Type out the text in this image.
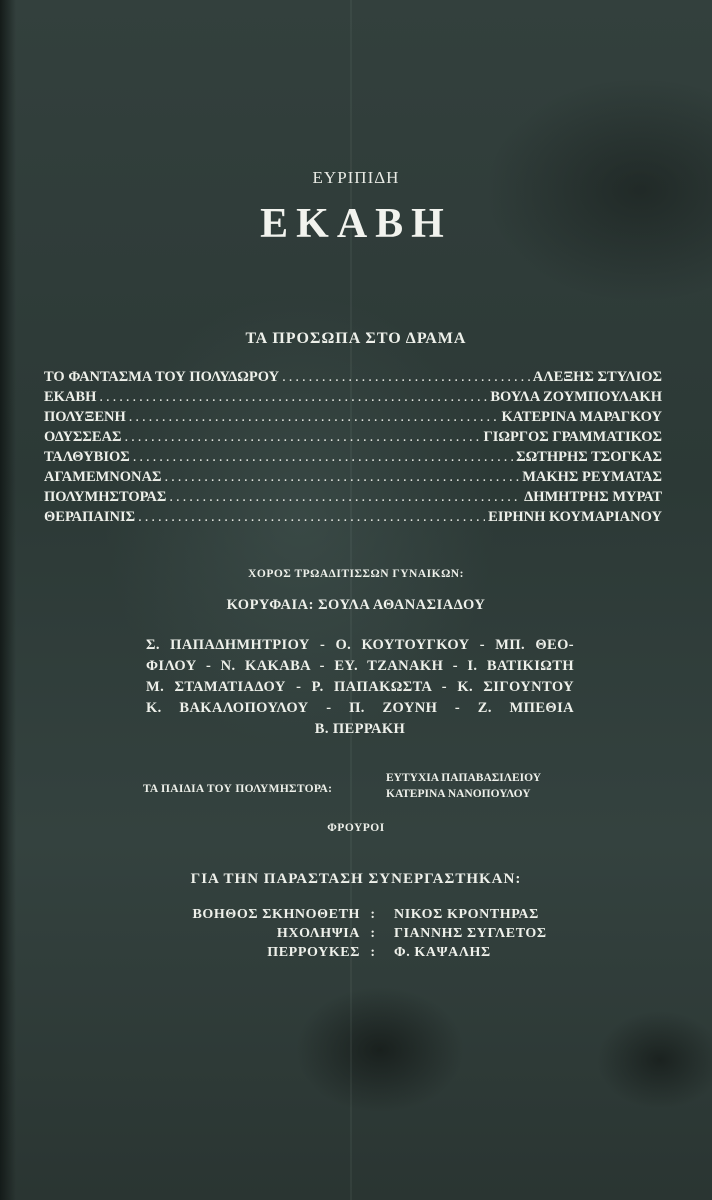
ΕΥΡΙΠΙΔΗ
ΕΚΑΒΗ
ΤΑ ΠΡΟΣΩΠΑ ΣΤΟ ΔΡΑΜΑ
ΤΟ ΦΑΝΤΑΣΜΑ ΤΟΥ ΠΟΛΥΔΩΡΟΥ .....	ΑΛΕΞΗΣ ΣΤΥΛΙΟΣ
ΕΚΑΒΗ .....	ΒΟΥΛΑ ΖΟΥΜΠΟΥΛΑΚΗ
ΠΟΛΥΞΕΝΗ .....	ΚΑΤΕΡΙΝΑ ΜΑΡΑΓΚΟΥ
ΟΔΥΣΣΕΑΣ .....	ΓΙΩΡΓΟΣ ΓΡΑΜΜΑΤΙΚΟΣ
ΤΑΛΘΥΒΙΟΣ .....	ΣΩΤΗΡΗΣ ΤΣΟΓΚΑΣ
ΑΓΑΜΕΜΝΟΝΑΣ .....	ΜΑΚΗΣ ΡΕΥΜΑΤΑΣ
ΠΟΛΥΜΗΣΤΟΡΑΣ .....	ΔΗΜΗΤΡΗΣ ΜΥΡΑΤ
ΘΕΡΑΠΑΙΝΙΣ .....	ΕΙΡΗΝΗ ΚΟΥΜΑΡΙΑΝΟΥ
ΧΟΡΟΣ ΤΡΩΑΔΙΤΙΣΣΩΝ ΓΥΝΑΙΚΩΝ:
ΚΟΡΥΦΑΙΑ: ΣΟΥΛΑ ΑΘΑΝΑΣΙΑΔΟΥ
Σ. ΠΑΠΑΔΗΜΗΤΡΙΟΥ - Ο. ΚΟΥΤΟΥΓΚΟΥ - ΜΠ. ΘΕΟ-
ΦΙΛΟΥ - Ν. ΚΑΚΑΒΑ - ΕΥ. ΤΖΑΝΑΚΗ - Ι. ΒΑΤΙΚΙΩΤΗ
Μ. ΣΤΑΜΑΤΙΑΔΟΥ - Ρ. ΠΑΠΑΚΩΣΤΑ - Κ. ΣΙΓΟΥΝΤΟΥ
Κ. ΒΑΚΑΛΟΠΟΥΛΟΥ - Π. ΖΟΥΝΗ - Ζ. ΜΠΕΘΙΑ
Β. ΠΕΡΡΑΚΗ
ΤΑ ΠΑΙΔΙΑ ΤΟΥ ΠΟΛΥΜΗΣΤΟΡΑ:
ΕΥΤΥΧΙΑ ΠΑΠΑΒΑΣΙΛΕΙΟΥ
ΚΑΤΕΡΙΝΑ ΝΑΝΟΠΟΥΛΟΥ
ΦΡΟΥΡΟΙ
ΓΙΑ ΤΗΝ ΠΑΡΑΣΤΑΣΗ ΣΥΝΕΡΓΑΣΤΗΚΑΝ:
ΒΟΗΘΟΣ ΣΚΗΝΟΘΕΤΗ :	ΝΙΚΟΣ ΚΡΟΝΤΗΡΑΣ
ΗΧΟΛΗΨΙΑ :	ΓΙΑΝΝΗΣ ΣΥΓΛΕΤΟΣ
ΠΕΡΡΟΥΚΕΣ :	Φ. ΚΑΨΑΛΗΣ
